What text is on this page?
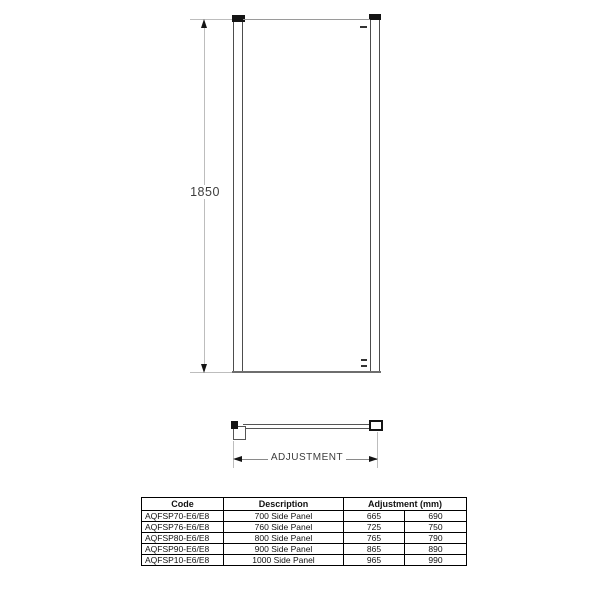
1850
ADJUSTMENT
Code	Description	Adjustment (mm)	
AQFSP70-E6/E8	700 Side Panel	665	690
AQFSP76-E6/E8	760 Side Panel	725	750
AQFSP80-E6/E8	800 Side Panel	765	790
AQFSP90-E6/E8	900 Side Panel	865	890
AQFSP10-E6/E8	1000 Side Panel	965	990
